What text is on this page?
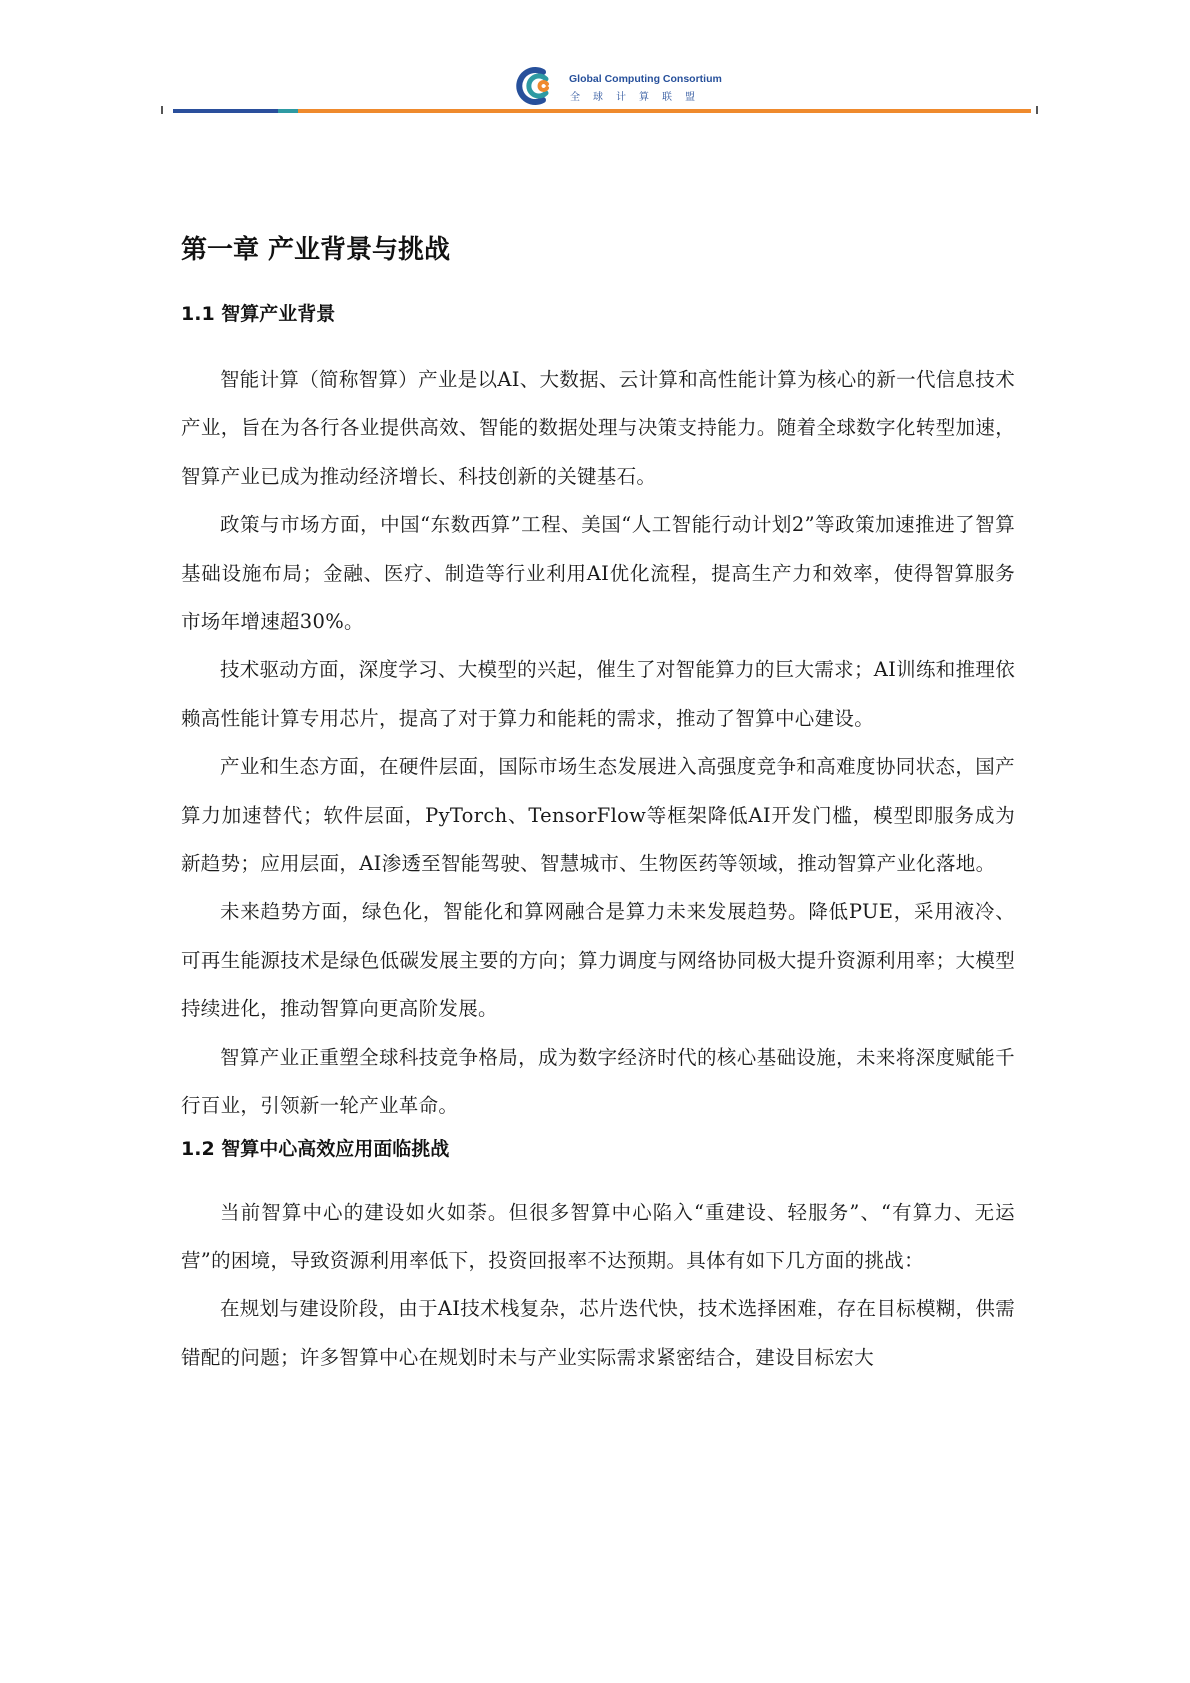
Global Computing Consortium
全球计算联盟
第一章 产业背景与挑战
1.1 智算产业背景

智能计算（简称智算）产业是以AI、大数据、云计算和高性能计算为核心的新一代信息技术产业，旨在为各行各业提供高效、智能的数据处理与决策支持能力。随着全球数字化转型加速，智算产业已成为推动经济增长、科技创新的关键基石。

政策与市场方面，中国“东数西算”工程、美国“人工智能行动计划2”等政策加速推进了智算基础设施布局；金融、医疗、制造等行业利用AI优化流程，提高生产力和效率，使得智算服务市场年增速超30%。

技术驱动方面，深度学习、大模型的兴起，催生了对智能算力的巨大需求；AI训练和推理依赖高性能计算专用芯片，提高了对于算力和能耗的需求，推动了智算中心建设。

产业和生态方面，在硬件层面，国际市场生态发展进入高强度竞争和高难度协同状态，国产算力加速替代；软件层面，PyTorch、TensorFlow等框架降低AI开发门槛，模型即服务成为新趋势；应用层面，AI渗透至智能驾驶、智慧城市、生物医药等领域，推动智算产业化落地。

未来趋势方面，绿色化，智能化和算网融合是算力未来发展趋势。降低PUE，采用液冷、可再生能源技术是绿色低碳发展主要的方向；算力调度与网络协同极大提升资源利用率；大模型持续进化，推动智算向更高阶发展。

智算产业正重塑全球科技竞争格局，成为数字经济时代的核心基础设施，未来将深度赋能千行百业，引领新一轮产业革命。

1.2 智算中心高效应用面临挑战

当前智算中心的建设如火如荼。但很多智算中心陷入“重建设、轻服务”、“有算力、无运营”的困境，导致资源利用率低下，投资回报率不达预期。具体有如下几方面的挑战：

在规划与建设阶段，由于AI技术栈复杂，芯片迭代快，技术选择困难，存在目标模糊，供需错配的问题；许多智算中心在规划时未与产业实际需求紧密结合，建设目标宏大
